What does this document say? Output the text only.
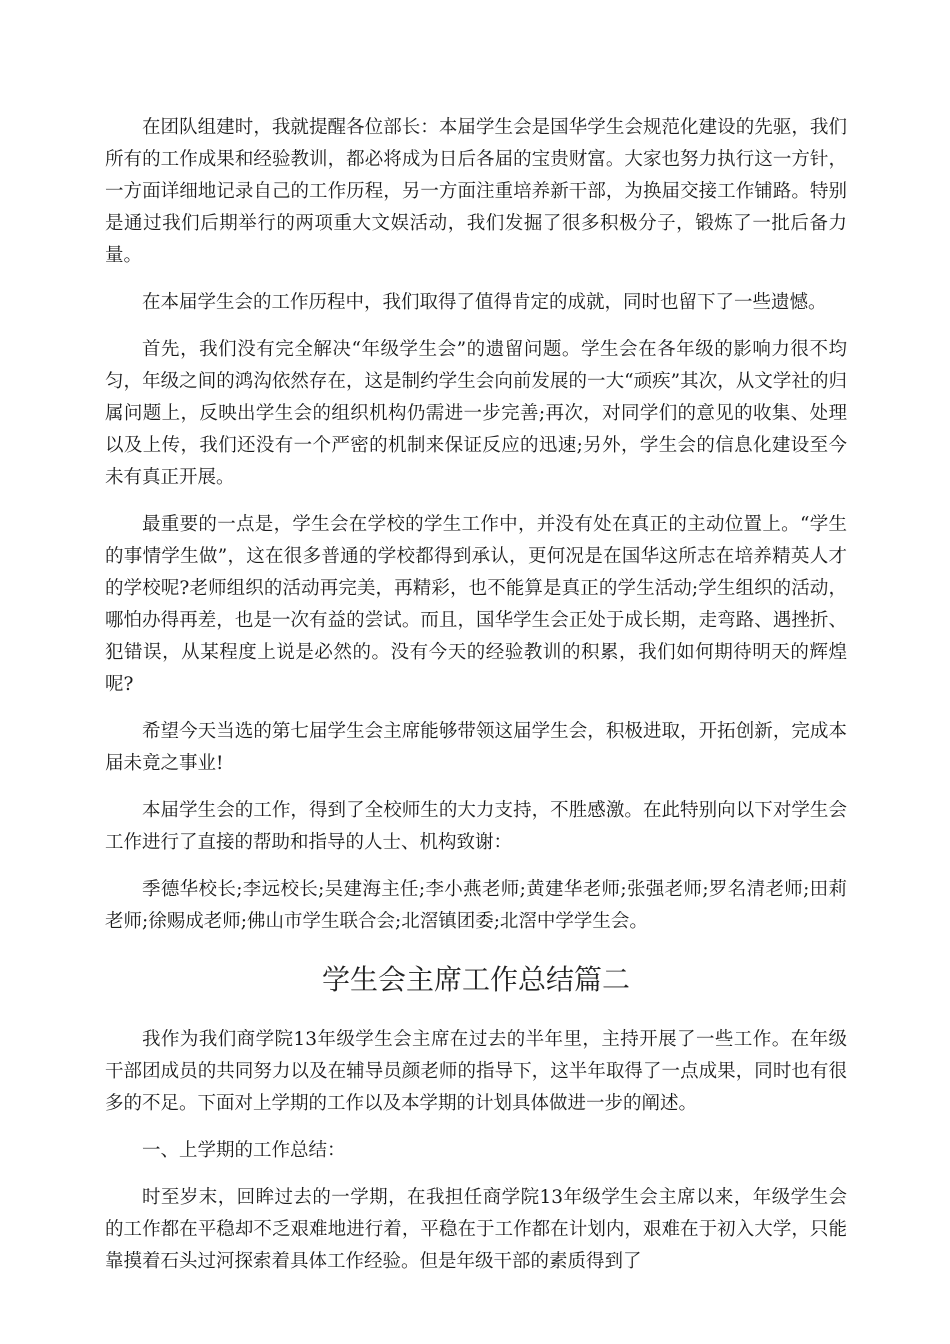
在团队组建时，我就提醒各位部长：本届学生会是国华学生会规范化建设的先驱，我们所有的工作成果和经验教训，都必将成为日后各届的宝贵财富。大家也努力执行这一方针，一方面详细地记录自己的工作历程，另一方面注重培养新干部，为换届交接工作铺路。特别是通过我们后期举行的两项重大文娱活动，我们发掘了很多积极分子，锻炼了一批后备力量。

在本届学生会的工作历程中，我们取得了值得肯定的成就，同时也留下了一些遗憾。

首先，我们没有完全解决“年级学生会”的遗留问题。学生会在各年级的影响力很不均匀，年级之间的鸿沟依然存在，这是制约学生会向前发展的一大“顽疾”其次，从文学社的归属问题上，反映出学生会的组织机构仍需进一步完善;再次，对同学们的意见的收集、处理以及上传，我们还没有一个严密的机制来保证反应的迅速;另外，学生会的信息化建设至今未有真正开展。

最重要的一点是，学生会在学校的学生工作中，并没有处在真正的主动位置上。“学生的事情学生做”，这在很多普通的学校都得到承认，更何况是在国华这所志在培养精英人才的学校呢?老师组织的活动再完美，再精彩，也不能算是真正的学生活动;学生组织的活动，哪怕办得再差，也是一次有益的尝试。而且，国华学生会正处于成长期，走弯路、遇挫折、犯错误，从某程度上说是必然的。没有今天的经验教训的积累，我们如何期待明天的辉煌呢?

希望今天当选的第七届学生会主席能够带领这届学生会，积极进取，开拓创新，完成本届未竟之事业!

本届学生会的工作，得到了全校师生的大力支持，不胜感激。在此特别向以下对学生会工作进行了直接的帮助和指导的人士、机构致谢：

季德华校长;李远校长;吴建海主任;李小燕老师;黄建华老师;张强老师;罗名清老师;田莉老师;徐赐成老师;佛山市学生联合会;北滘镇团委;北滘中学学生会。

学生会主席工作总结篇二

我作为我们商学院13年级学生会主席在过去的半年里，主持开展了一些工作。在年级干部团成员的共同努力以及在辅导员颜老师的指导下，这半年取得了一点成果，同时也有很多的不足。下面对上学期的工作以及本学期的计划具体做进一步的阐述。

一、上学期的工作总结：

时至岁末，回眸过去的一学期，在我担任商学院13年级学生会主席以来，年级学生会的工作都在平稳却不乏艰难地进行着，平稳在于工作都在计划内，艰难在于初入大学，只能靠摸着石头过河探索着具体工作经验。但是年级干部的素质得到了
